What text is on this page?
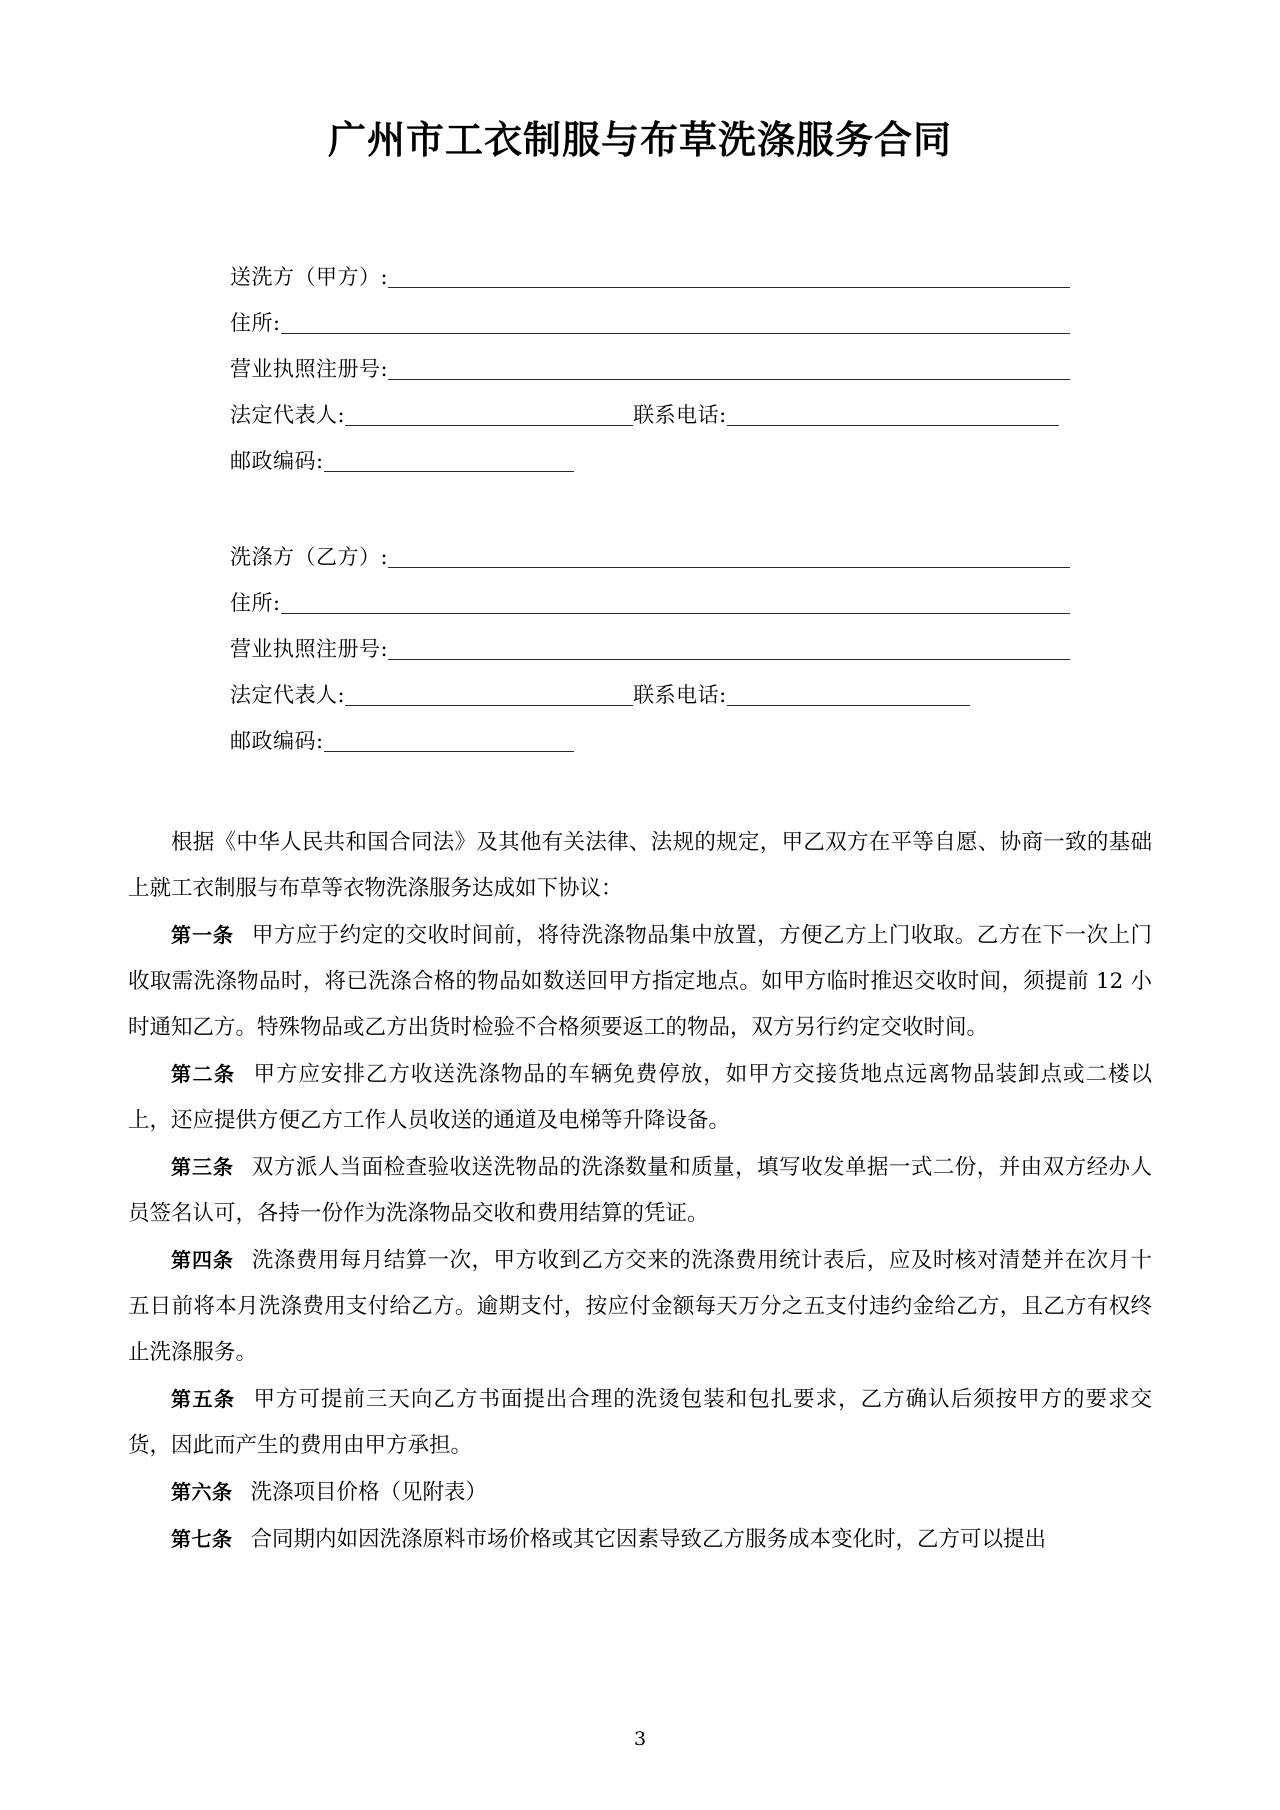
广州市工衣制服与布草洗涤服务合同
送洗方（甲方）:
住所:
营业执照注册号:
法定代表人:	联系电话:
邮政编码:
洗涤方（乙方）:
住所:
营业执照注册号:
法定代表人:	联系电话:
邮政编码:

根据《中华人民共和国合同法》及其他有关法律、法规的规定，甲乙双方在平等自愿、协商一致的基础上就工衣制服与布草等衣物洗涤服务达成如下协议：

第一条 甲方应于约定的交收时间前，将待洗涤物品集中放置，方便乙方上门收取。乙方在下一次上门收取需洗涤物品时，将已洗涤合格的物品如数送回甲方指定地点。如甲方临时推迟交收时间，须提前 12 小时通知乙方。特殊物品或乙方出货时检验不合格须要返工的物品，双方另行约定交收时间。

第二条 甲方应安排乙方收送洗涤物品的车辆免费停放，如甲方交接货地点远离物品装卸点或二楼以上，还应提供方便乙方工作人员收送的通道及电梯等升降设备。

第三条 双方派人当面检查验收送洗物品的洗涤数量和质量，填写收发单据一式二份，并由双方经办人员签名认可，各持一份作为洗涤物品交收和费用结算的凭证。

第四条 洗涤费用每月结算一次，甲方收到乙方交来的洗涤费用统计表后，应及时核对清楚并在次月十五日前将本月洗涤费用支付给乙方。逾期支付，按应付金额每天万分之五支付违约金给乙方，且乙方有权终止洗涤服务。

第五条 甲方可提前三天向乙方书面提出合理的洗烫包装和包扎要求，乙方确认后须按甲方的要求交货，因此而产生的费用由甲方承担。

第六条 洗涤项目价格（见附表）

第七条 合同期内如因洗涤原料市场价格或其它因素导致乙方服务成本变化时，乙方可以提出

3
